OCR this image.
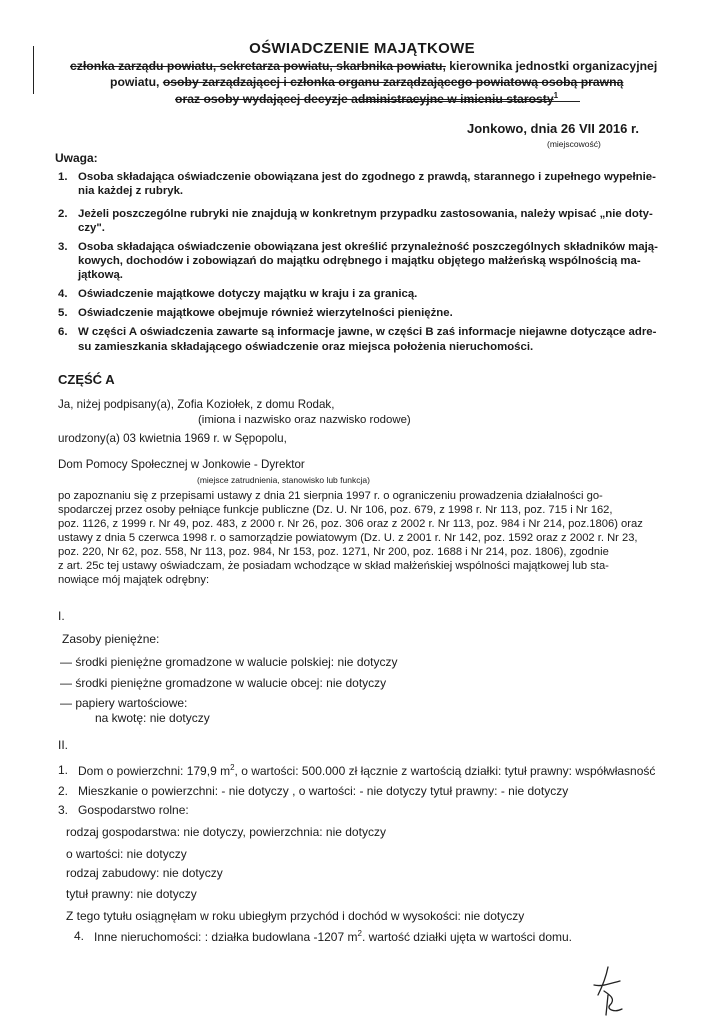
OŚWIADCZENIE MAJĄTKOWE
członka zarządu powiatu, sekretarza powiatu, skarbnika powiatu, kierownika jednostki organizacyjnej
powiatu, osoby zarządzającej i członka organu zarządzającego powiatową osobą prawną
oraz osoby wydającej decyzje administracyjne w imieniu starosty$^1$
Jonkowo, dnia 26 VII 2016 r.
(miejscowość)
Uwaga:
1. Osoba składająca oświadczenie obowiązana jest do zgodnego z prawdą, starannego i zupełnego wypełnie-
nia każdej z rubryk.
2. Jeżeli poszczególne rubryki nie znajdują w konkretnym przypadku zastosowania, należy wpisać „nie doty-
czy".
3. Osoba składająca oświadczenie obowiązana jest określić przynależność poszczególnych składników mają-
kowych, dochodów i zobowiązań do majątku odrębnego i majątku objętego małżeńską wspólnością ma-
jątkową.
4. Oświadczenie majątkowe dotyczy majątku w kraju i za granicą.
5. Oświadczenie majątkowe obejmuje również wierzytelności pieniężne.
6. W części A oświadczenia zawarte są informacje jawne, w części B zaś informacje niejawne dotyczące adre-
su zamieszkania składającego oświadczenie oraz miejsca położenia nieruchomości.
CZĘŚĆ A
Ja, niżej podpisany(a), Zofia Koziołek, z domu Rodak,
(imiona i nazwisko oraz nazwisko rodowe)
urodzony(a) 03 kwietnia 1969 r. w Sępopolu,
Dom Pomocy Społecznej w Jonkowie - Dyrektor
(miejsce zatrudnienia, stanowisko lub funkcja)
po zapoznaniu się z przepisami ustawy z dnia 21 sierpnia 1997 r. o ograniczeniu prowadzenia działalności go-
spodarczej przez osoby pełniące funkcje publiczne (Dz. U. Nr 106, poz. 679, z 1998 r. Nr 113, poz. 715 i Nr 162,
poz. 1126, z 1999 r. Nr 49, poz. 483, z 2000 r. Nr 26, poz. 306 oraz z 2002 r. Nr 113, poz. 984 i Nr 214, poz.1806) oraz
ustawy z dnia 5 czerwca 1998 r. o samorządzie powiatowym (Dz. U. z 2001 r. Nr 142, poz. 1592 oraz z 2002 r. Nr 23,
poz. 220, Nr 62, poz. 558, Nr 113, poz. 984, Nr 153, poz. 1271, Nr 200, poz. 1688 i Nr 214, poz. 1806), zgodnie
z art. 25c tej ustawy oświadczam, że posiadam wchodzące w skład małżeńskiej wspólności majątkowej lub sta-
nowiące mój majątek odrębny:
I.
Zasoby pieniężne:
— środki pieniężne gromadzone w walucie polskiej: nie dotyczy
— środki pieniężne gromadzone w walucie obcej: nie dotyczy
— papiery wartościowe:
na kwotę: nie dotyczy
II.
1. Dom o powierzchni: 179,9 $m^2$, o wartości: 500.000 zł łącznie z wartością działki: tytuł prawny: współwłasność
2. Mieszkanie o powierzchni: - nie dotyczy , o wartości: - nie dotyczy tytuł prawny: - nie dotyczy
3. Gospodarstwo rolne:
rodzaj gospodarstwa: nie dotyczy, powierzchnia: nie dotyczy
o wartości: nie dotyczy
rodzaj zabudowy: nie dotyczy
tytuł prawny: nie dotyczy
Z tego tytułu osiągnęłam w roku ubiegłym przychód i dochód w wysokości: nie dotyczy
4. Inne nieruchomości: : działka budowlana -1207 $m^2$. wartość działki ujęta w wartości domu.
